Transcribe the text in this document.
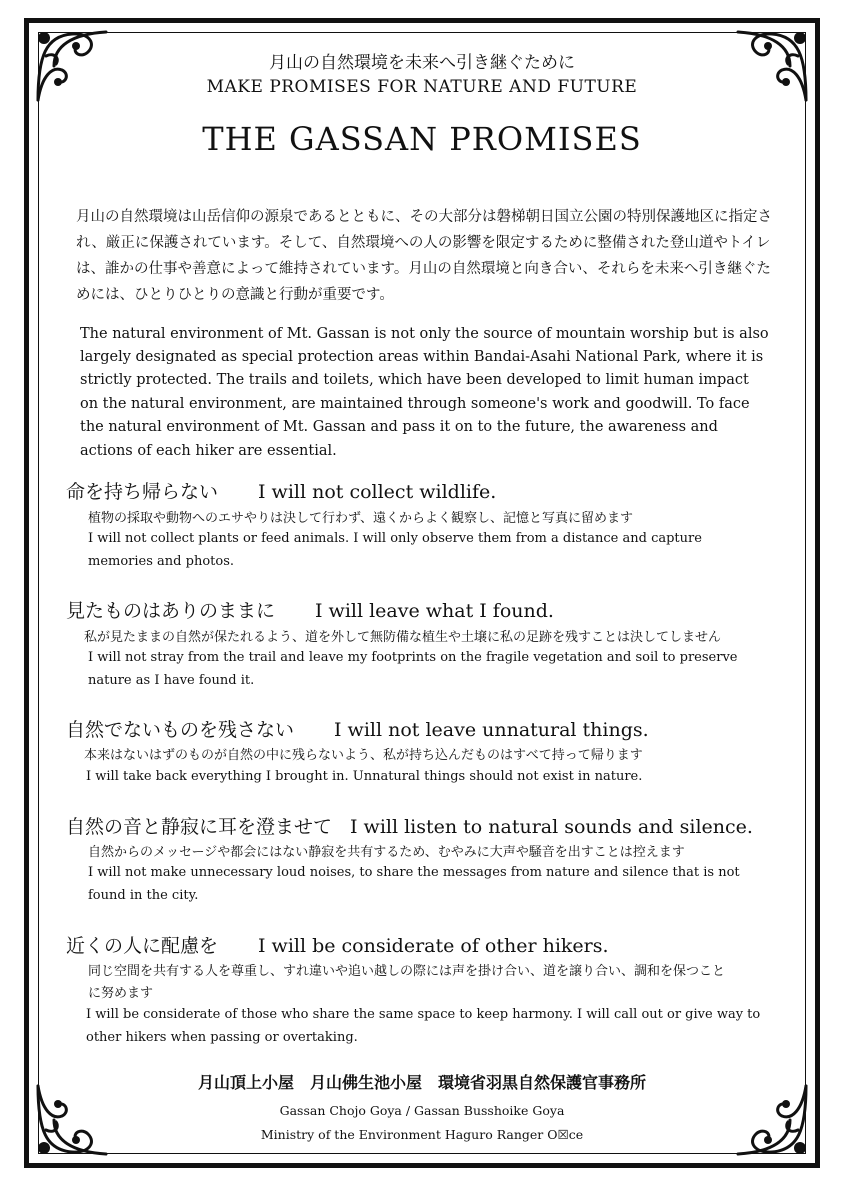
月山の自然環境を未来へ引き継ぐために

MAKE PROMISES FOR NATURE AND FUTURE

THE GASSAN PROMISES

月山の自然環境は山岳信仰の源泉であるとともに、その大部分は磐梯朝日国立公園の特別保護地区に指定され、厳正に保護されています。そして、自然環境への人の影響を限定するために整備された登山道やトイレは、誰かの仕事や善意によって維持されています。月山の自然環境と向き合い、それらを未来へ引き継ぐためには、ひとりひとりの意識と行動が重要です。

The natural environment of Mt. Gassan is not only the source of mountain worship but is also largely designated as special protection areas within Bandai-Asahi National Park, where it is strictly protected. The trails and toilets, which have been developed to limit human impact on the natural environment, are maintained through someone's work and goodwill. To face the natural environment of Mt. Gassan and pass it on to the future, the awareness and actions of each hiker are essential.

命を持ち帰らない I will not collect wildlife.

植物の採取や動物へのエサやりは決して行わず、遠くからよく観察し、記憶と写真に留めます

I will not collect plants or feed animals. I will only observe them from a distance and capture memories and photos.

見たものはありのままに I will leave what I found.

私が見たままの自然が保たれるよう、道を外して無防備な植生や土壌に私の足跡を残すことは決してしません

I will not stray from the trail and leave my footprints on the fragile vegetation and soil to preserve nature as I have found it.

自然でないものを残さない I will not leave unnatural things.

本来はないはずのものが自然の中に残らないよう、私が持ち込んだものはすべて持って帰ります

I will take back everything I brought in. Unnatural things should not exist in nature.

自然の音と静寂に耳を澄ませて I will listen to natural sounds and silence.

自然からのメッセージや都会にはない静寂を共有するため、むやみに大声や騒音を出すことは控えます

I will not make unnecessary loud noises, to share the messages from nature and silence that is not found in the city.

近くの人に配慮を I will be considerate of other hikers.

同じ空間を共有する人を尊重し、すれ違いや追い越しの際には声を掛け合い、道を譲り合い、調和を保つことに努めます

I will be considerate of those who share the same space to keep harmony. I will call out or give way to other hikers when passing or overtaking.

月山頂上小屋　月山佛生池小屋　環境省羽黒自然保護官事務所

Gassan Chojo Goya / Gassan Busshoike Goya

Ministry of the Environment Haguro Ranger O☒ce
